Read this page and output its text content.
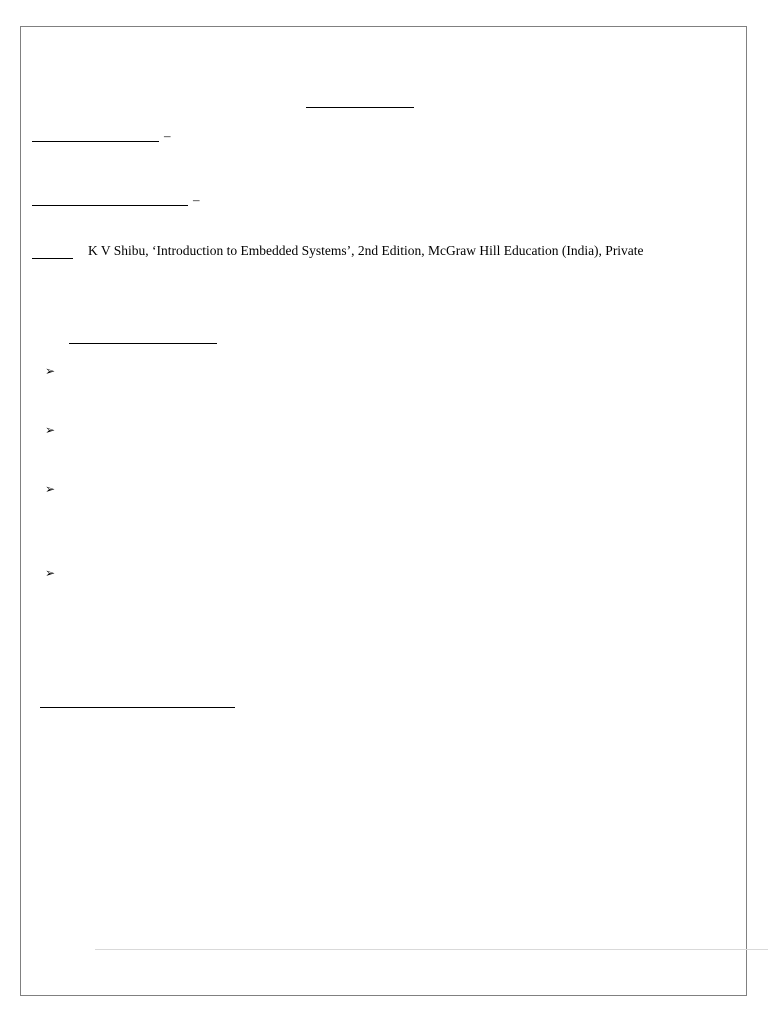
–
–
K V Shibu, ‘Introduction to Embedded Systems’, 2nd Edition, McGraw Hill Education (India), Private
➢
➢
➢
➢
